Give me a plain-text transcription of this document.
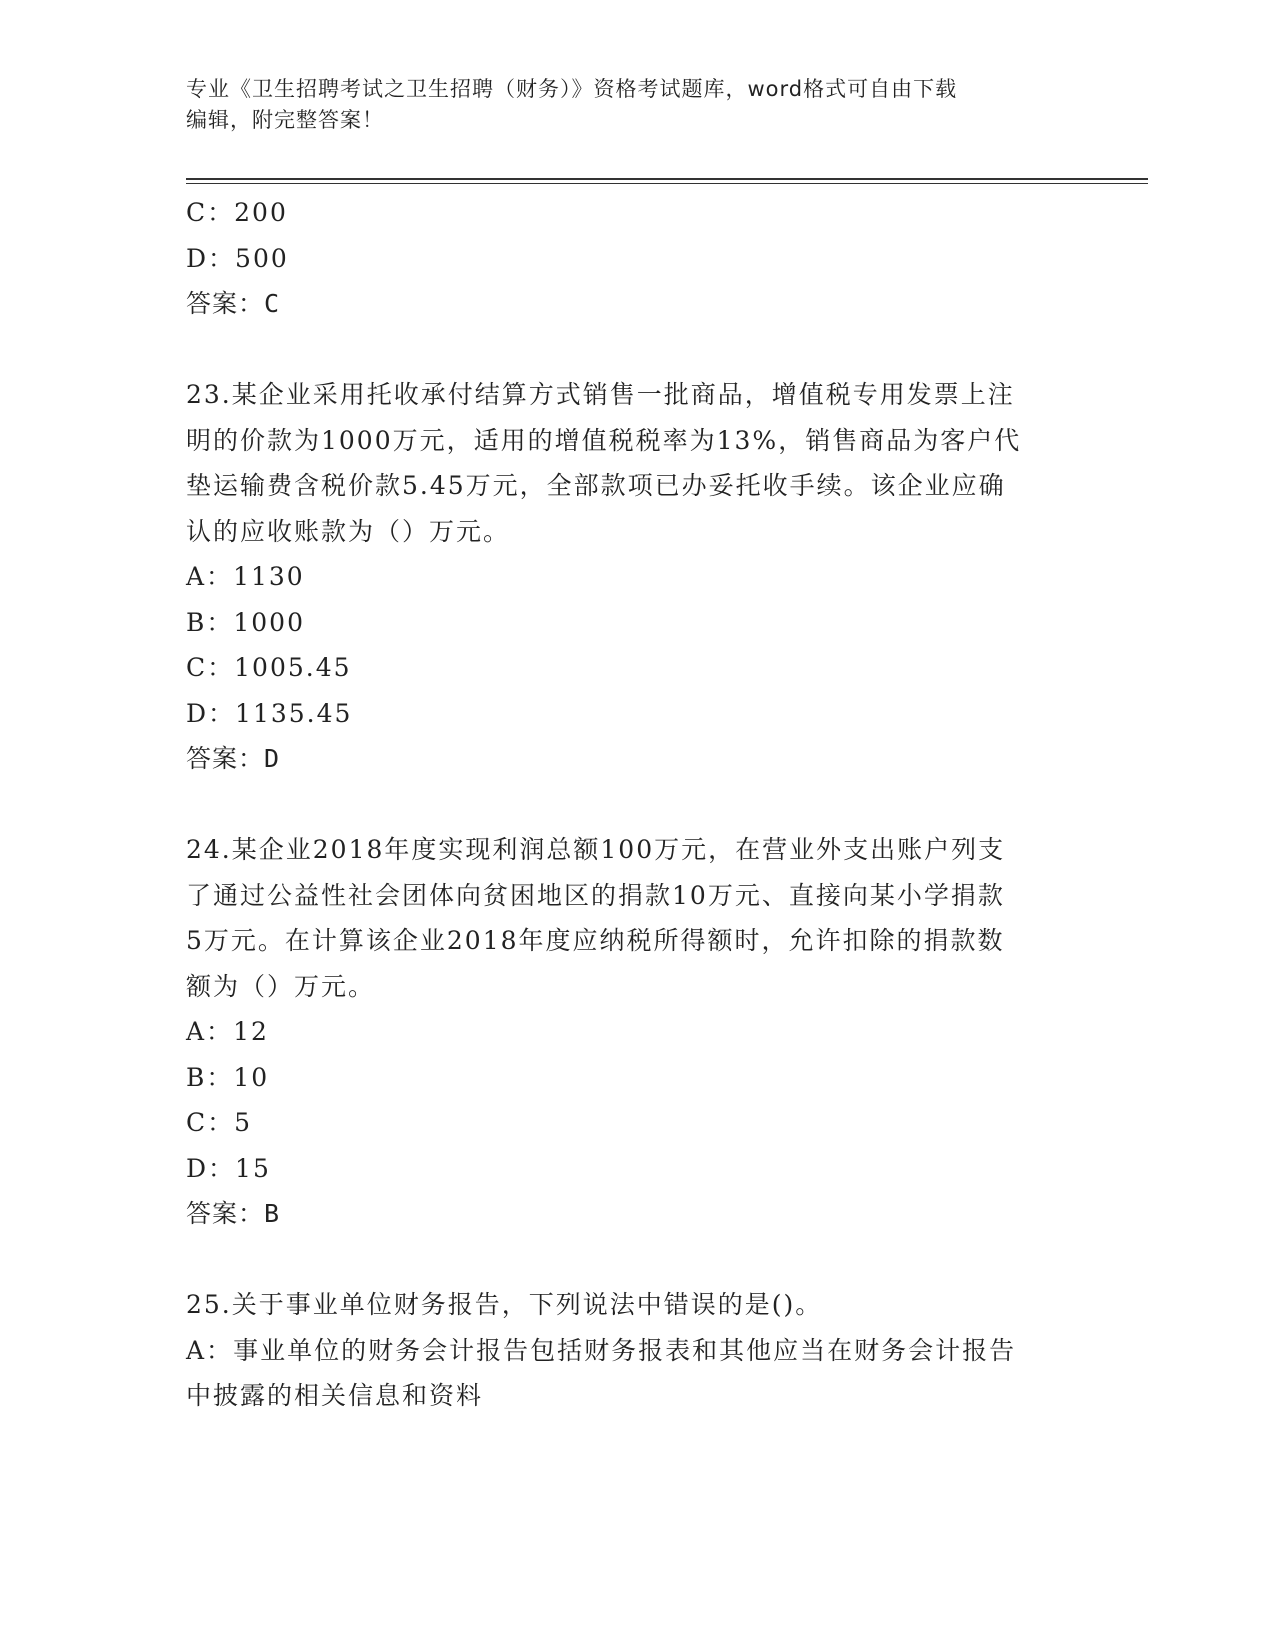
专业《卫生招聘考试之卫生招聘（财务）》资格考试题库，word格式可自由下载
编辑，附完整答案！
C：200
D：500
答案：C
23.某企业采用托收承付结算方式销售一批商品，增值税专用发票上注
明的价款为1000万元，适用的增值税税率为13%，销售商品为客户代
垫运输费含税价款5.45万元，全部款项已办妥托收手续。该企业应确
认的应收账款为（）万元。
A：1130
B：1000
C：1005.45
D：1135.45
答案：D
24.某企业2018年度实现利润总额100万元，在营业外支出账户列支
了通过公益性社会团体向贫困地区的捐款10万元、直接向某小学捐款
5万元。在计算该企业2018年度应纳税所得额时，允许扣除的捐款数
额为（）万元。
A：12
B：10
C：5
D：15
答案：B
25.关于事业单位财务报告，下列说法中错误的是()。
A：事业单位的财务会计报告包括财务报表和其他应当在财务会计报告
中披露的相关信息和资料
